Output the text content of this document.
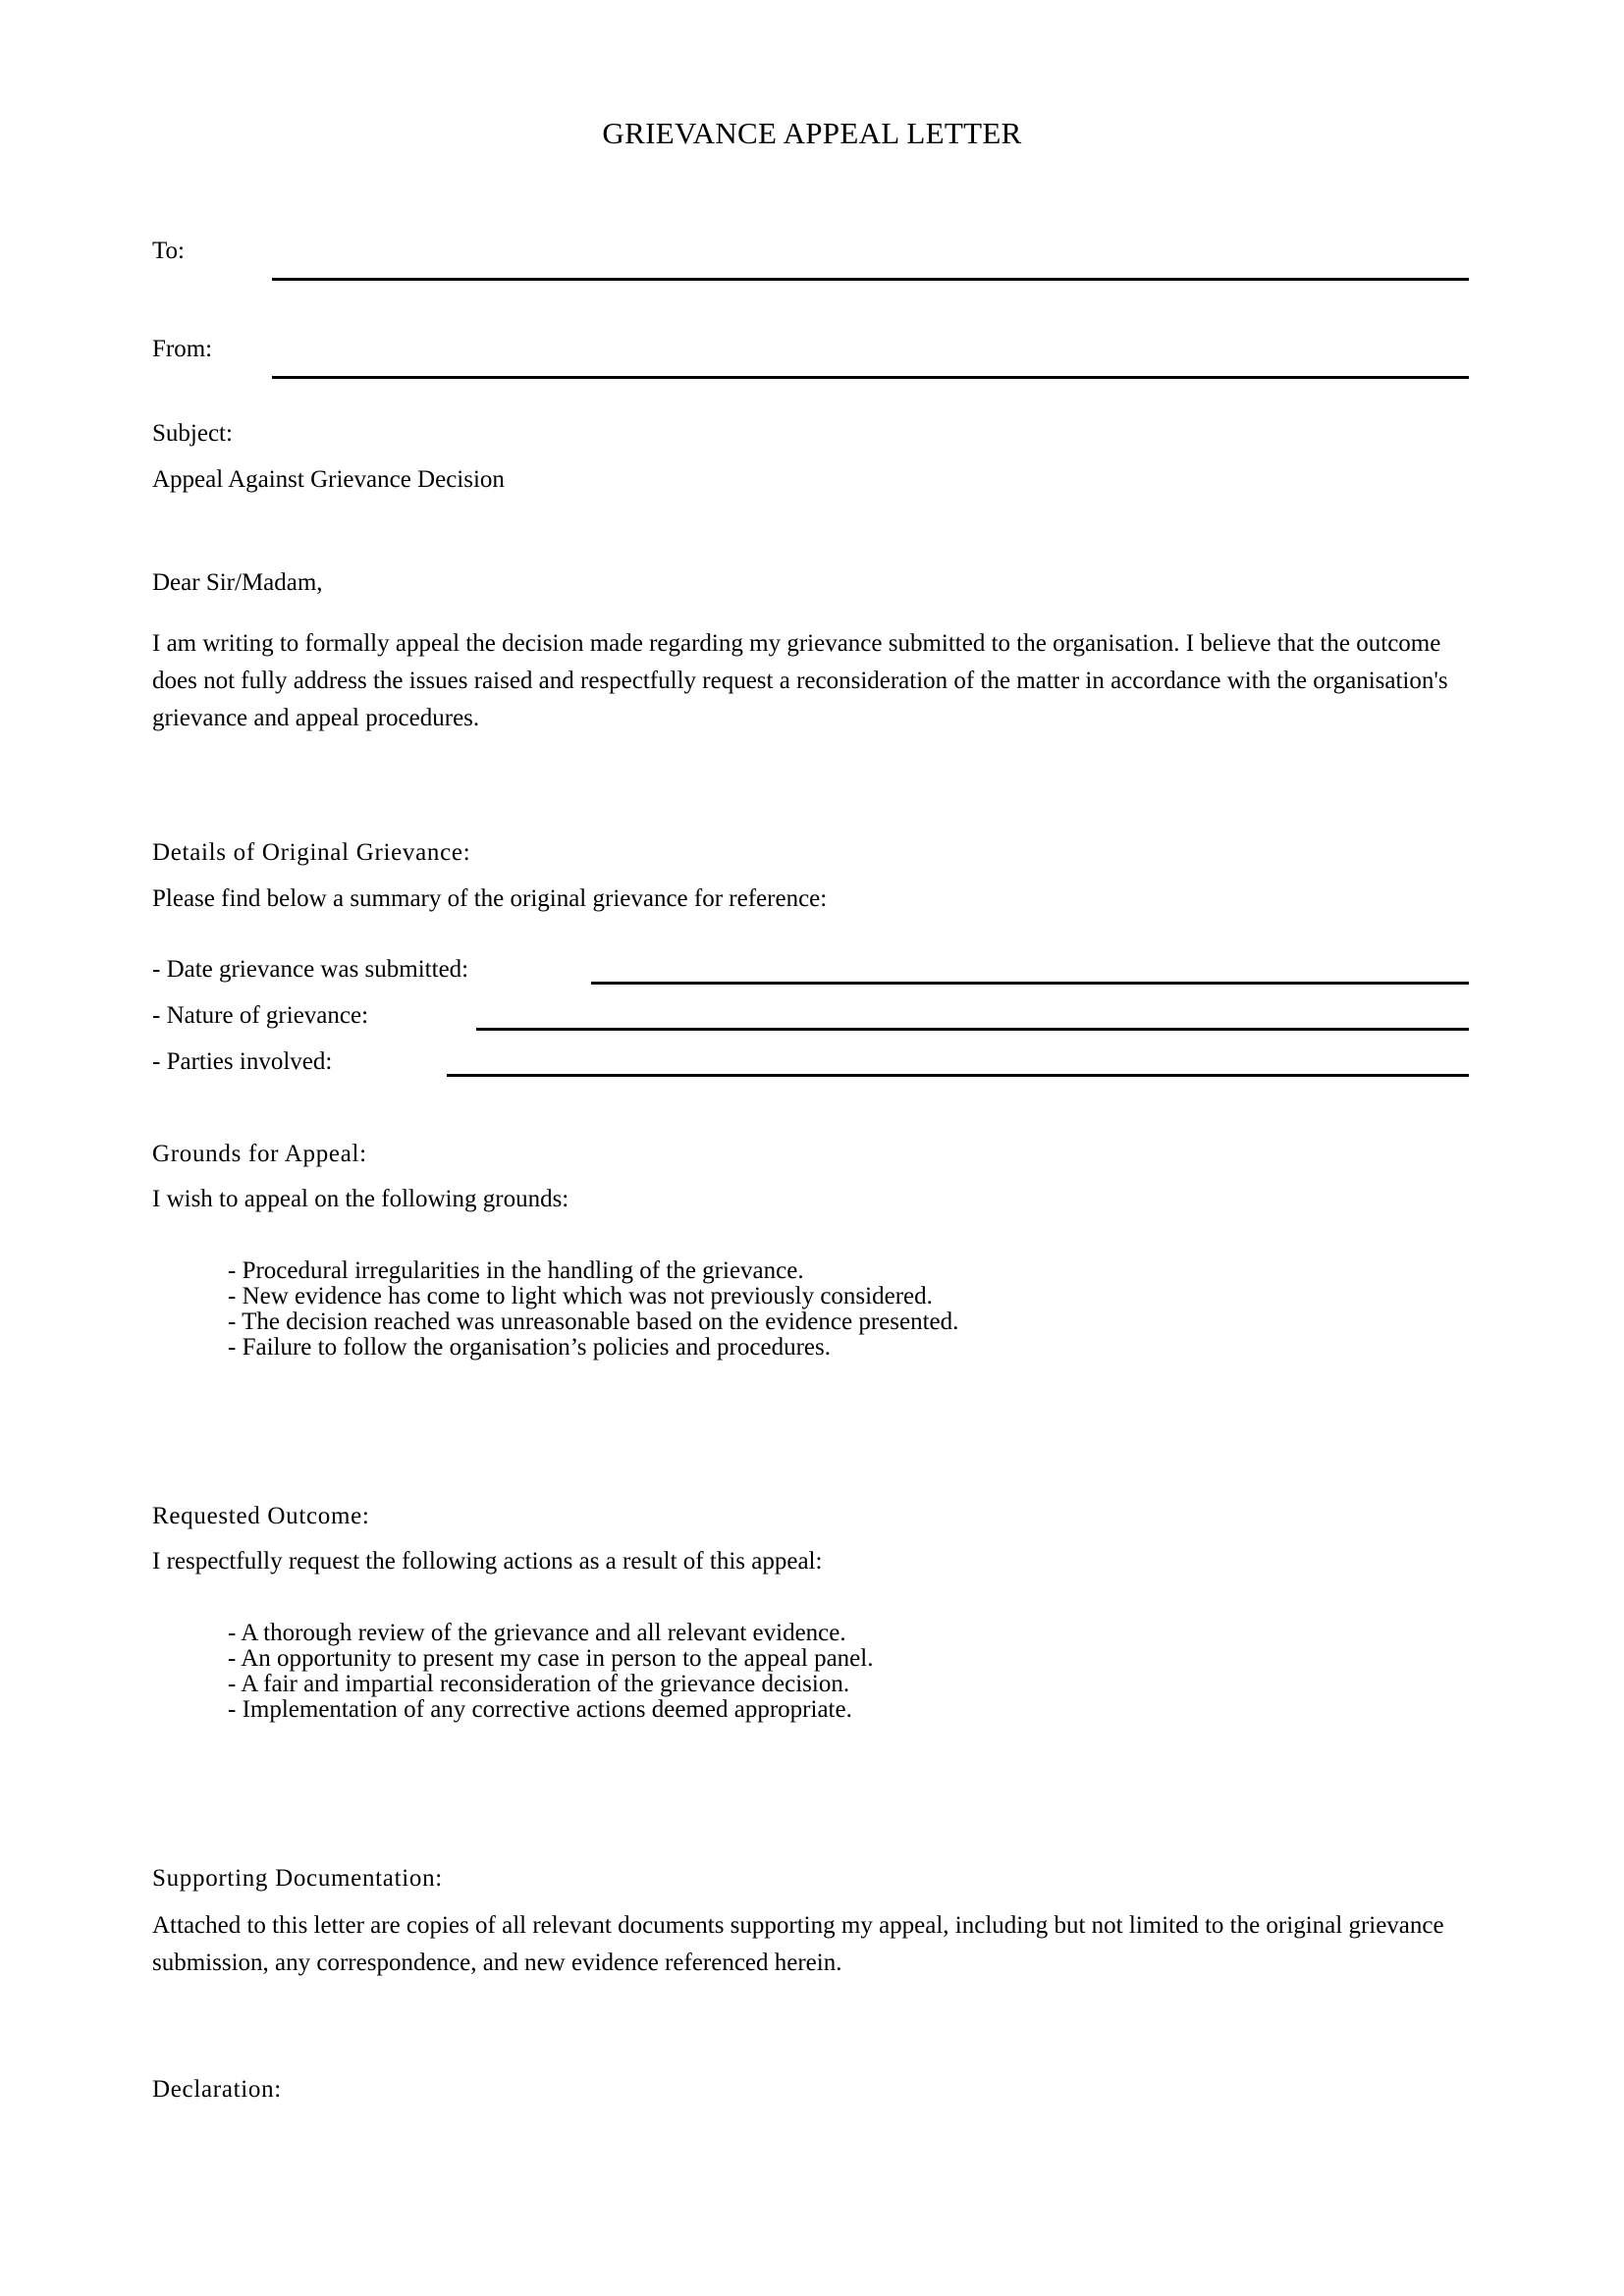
GRIEVANCE APPEAL LETTER
To:
From:
Subject:
Appeal Against Grievance Decision
Dear Sir/Madam,
I am writing to formally appeal the decision made regarding my grievance submitted to the organisation. I believe that the outcome does not fully address the issues raised and respectfully request a reconsideration of the matter in accordance with the organisation's grievance and appeal procedures.
Details of Original Grievance:
Please find below a summary of the original grievance for reference:
- Date grievance was submitted:
- Nature of grievance:
- Parties involved:
Grounds for Appeal:
I wish to appeal on the following grounds:
- Procedural irregularities in the handling of the grievance.
- New evidence has come to light which was not previously considered.
- The decision reached was unreasonable based on the evidence presented.
- Failure to follow the organisation’s policies and procedures.
Requested Outcome:
I respectfully request the following actions as a result of this appeal:
- A thorough review of the grievance and all relevant evidence.
- An opportunity to present my case in person to the appeal panel.
- A fair and impartial reconsideration of the grievance decision.
- Implementation of any corrective actions deemed appropriate.
Supporting Documentation:
Attached to this letter are copies of all relevant documents supporting my appeal, including but not limited to the original grievance submission, any correspondence, and new evidence referenced herein.
Declaration:
